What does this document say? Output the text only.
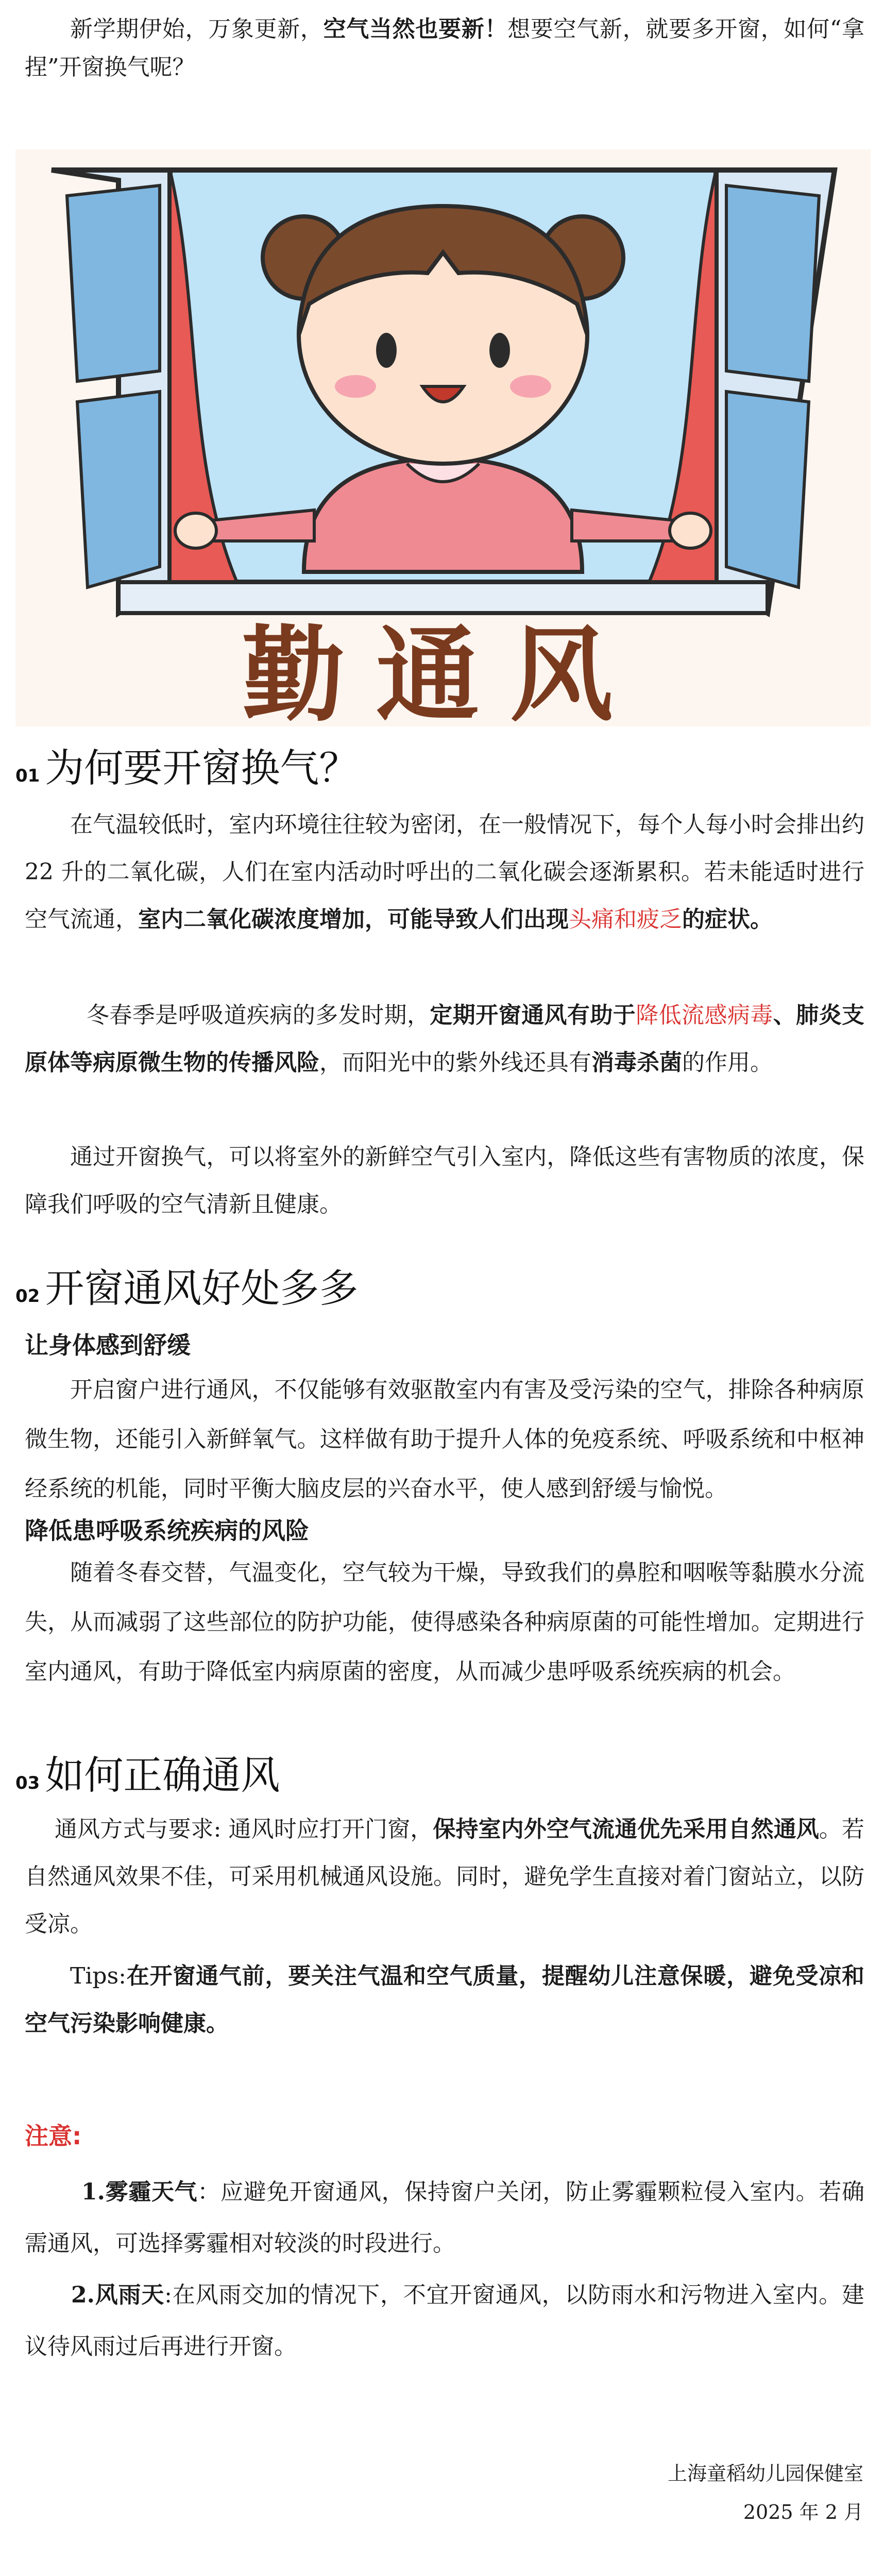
新学期伊始，万象更新，空气当然也要新！想要空气新，就要多开窗，如何“拿捏”开窗换气呢？

勤通风
01 为何要开窗换气？

在气温较低时，室内环境往往较为密闭，在一般情况下，每个人每小时会排出约 22 升的二氧化碳，人们在室内活动时呼出的二氧化碳会逐渐累积。若未能适时进行空气流通，室内二氧化碳浓度增加，可能导致人们出现头痛和疲乏的症状。

冬春季是呼吸道疾病的多发时期，定期开窗通风有助于降低流感病毒、肺炎支原体等病原微生物的传播风险，而阳光中的紫外线还具有消毒杀菌的作用。

通过开窗换气，可以将室外的新鲜空气引入室内，降低这些有害物质的浓度，保障我们呼吸的空气清新且健康。

02 开窗通风好处多多
让身体感到舒缓

开启窗户进行通风，不仅能够有效驱散室内有害及受污染的空气，排除各种病原微生物，还能引入新鲜氧气。这样做有助于提升人体的免疫系统、呼吸系统和中枢神经系统的机能，同时平衡大脑皮层的兴奋水平，使人感到舒缓与愉悦。

降低患呼吸系统疾病的风险

随着冬春交替，气温变化，空气较为干燥，导致我们的鼻腔和咽喉等黏膜水分流失，从而减弱了这些部位的防护功能，使得感染各种病原菌的可能性增加。定期进行室内通风，有助于降低室内病原菌的密度，从而减少患呼吸系统疾病的机会。

03 如何正确通风

通风方式与要求: 通风时应打开门窗，保持室内外空气流通优先采用自然通风。若自然通风效果不佳，可采用机械通风设施。同时，避免学生直接对着门窗站立，以防受凉。

Tips:在开窗通气前，要关注气温和空气质量，提醒幼儿注意保暖，避免受凉和空气污染影响健康。

注意:

1.雾霾天气：应避免开窗通风，保持窗户关闭，防止雾霾颗粒侵入室内。若确需通风，可选择雾霾相对较淡的时段进行。

2.风雨天:在风雨交加的情况下，不宜开窗通风，以防雨水和污物进入室内。建议待风雨过后再进行开窗。

上海童稻幼儿园保健室
2025 年 2 月
